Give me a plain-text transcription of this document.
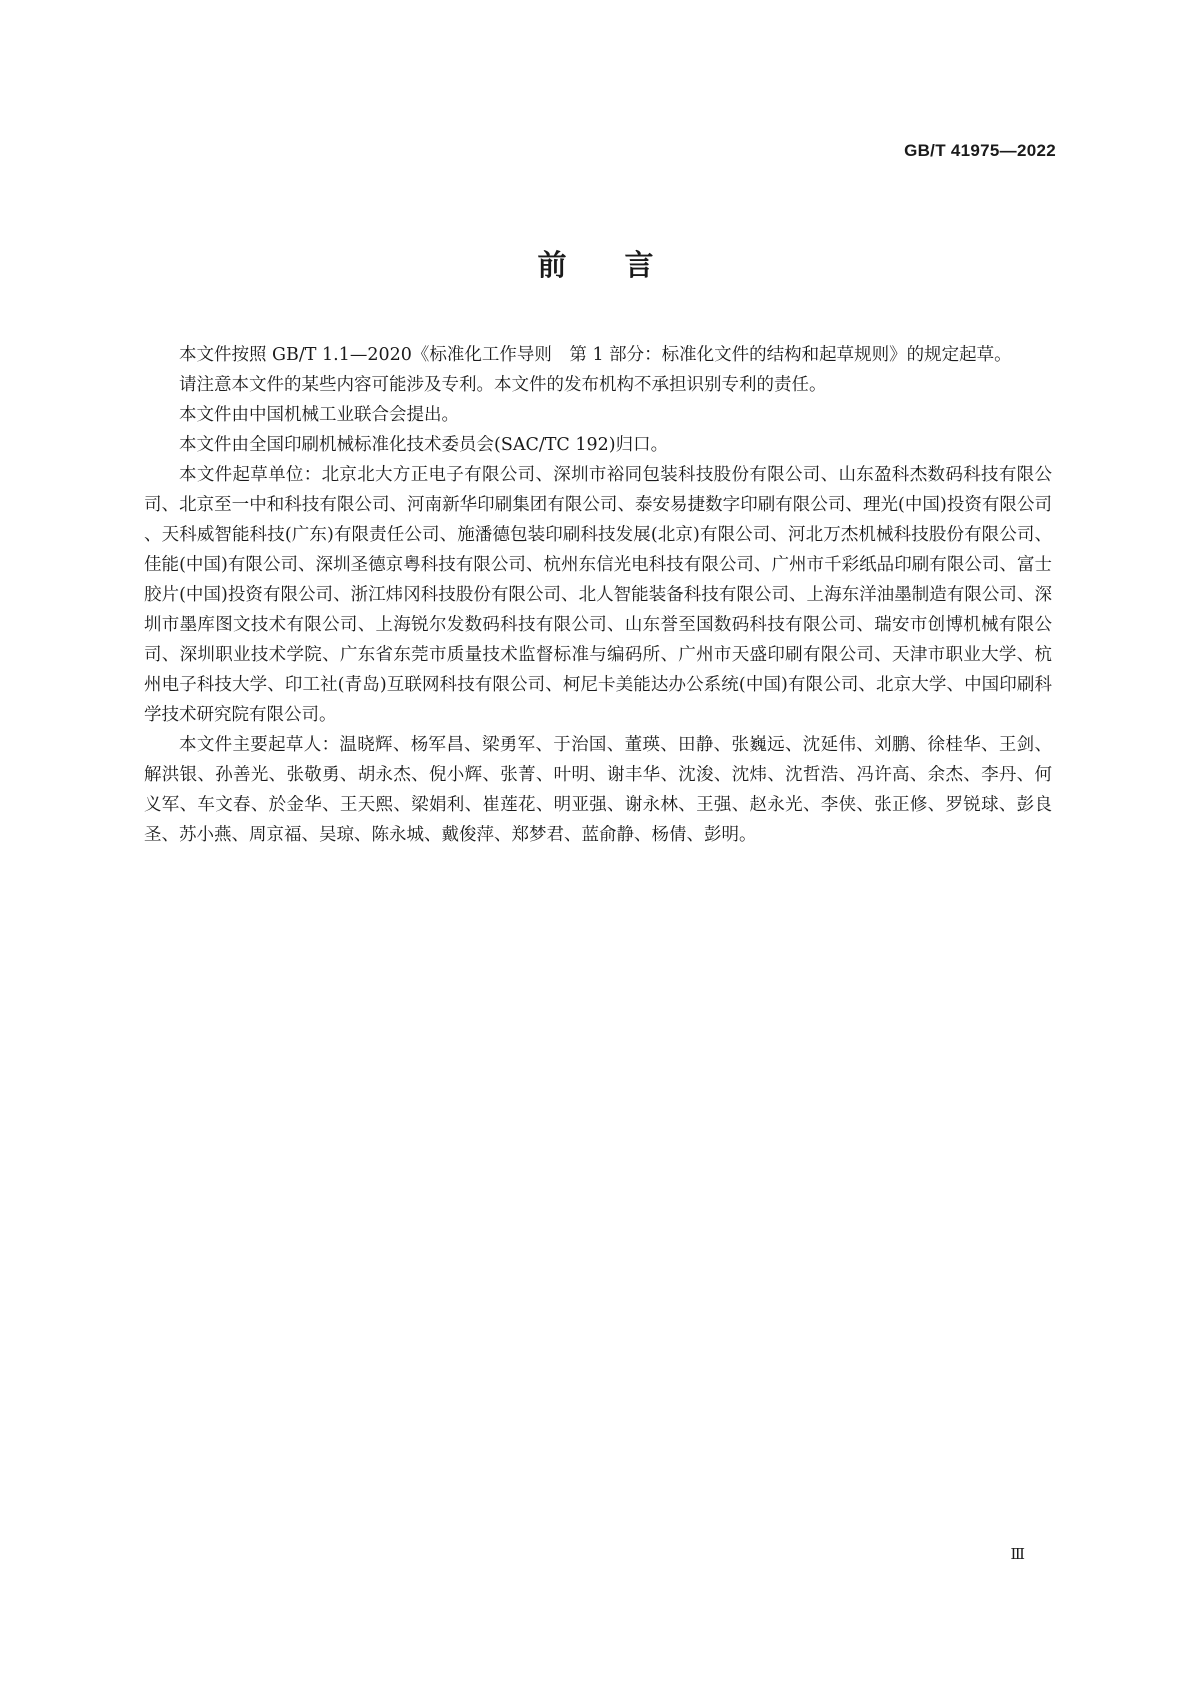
GB/T 41975—2022
前言

本文件按照 GB/T 1.1—2020《标准化工作导则　第 1 部分：标准化文件的结构和起草规则》的规定起草。

请注意本文件的某些内容可能涉及专利。本文件的发布机构不承担识别专利的责任。

本文件由中国机械工业联合会提出。

本文件由全国印刷机械标准化技术委员会(SAC/TC 192)归口。

本文件起草单位：北京北大方正电子有限公司、深圳市裕同包装科技股份有限公司、山东盈科杰数码科技有限公司、北京至一中和科技有限公司、河南新华印刷集团有限公司、泰安易捷数字印刷有限公司、理光(中国)投资有限公司、天科威智能科技(广东)有限责任公司、施潘德包装印刷科技发展(北京)有限公司、河北万杰机械科技股份有限公司、佳能(中国)有限公司、深圳圣德京粤科技有限公司、杭州东信光电科技有限公司、广州市千彩纸品印刷有限公司、富士胶片(中国)投资有限公司、浙江炜冈科技股份有限公司、北人智能装备科技有限公司、上海东洋油墨制造有限公司、深圳市墨库图文技术有限公司、上海锐尔发数码科技有限公司、山东誉至国数码科技有限公司、瑞安市创博机械有限公司、深圳职业技术学院、广东省东莞市质量技术监督标准与编码所、广州市天盛印刷有限公司、天津市职业大学、杭州电子科技大学、印工社(青岛)互联网科技有限公司、柯尼卡美能达办公系统(中国)有限公司、北京大学、中国印刷科学技术研究院有限公司。

本文件主要起草人：温晓辉、杨军昌、梁勇军、于治国、董瑛、田静、张巍远、沈延伟、刘鹏、徐桂华、王剑、解洪银、孙善光、张敬勇、胡永杰、倪小辉、张菁、叶明、谢丰华、沈浚、沈炜、沈哲浩、冯许高、余杰、李丹、何义军、车文春、於金华、王天熙、梁娟利、崔莲花、明亚强、谢永林、王强、赵永光、李侠、张正修、罗锐球、彭良圣、苏小燕、周京福、吴琼、陈永城、戴俊萍、郑梦君、蓝俞静、杨倩、彭明。

Ⅲ
